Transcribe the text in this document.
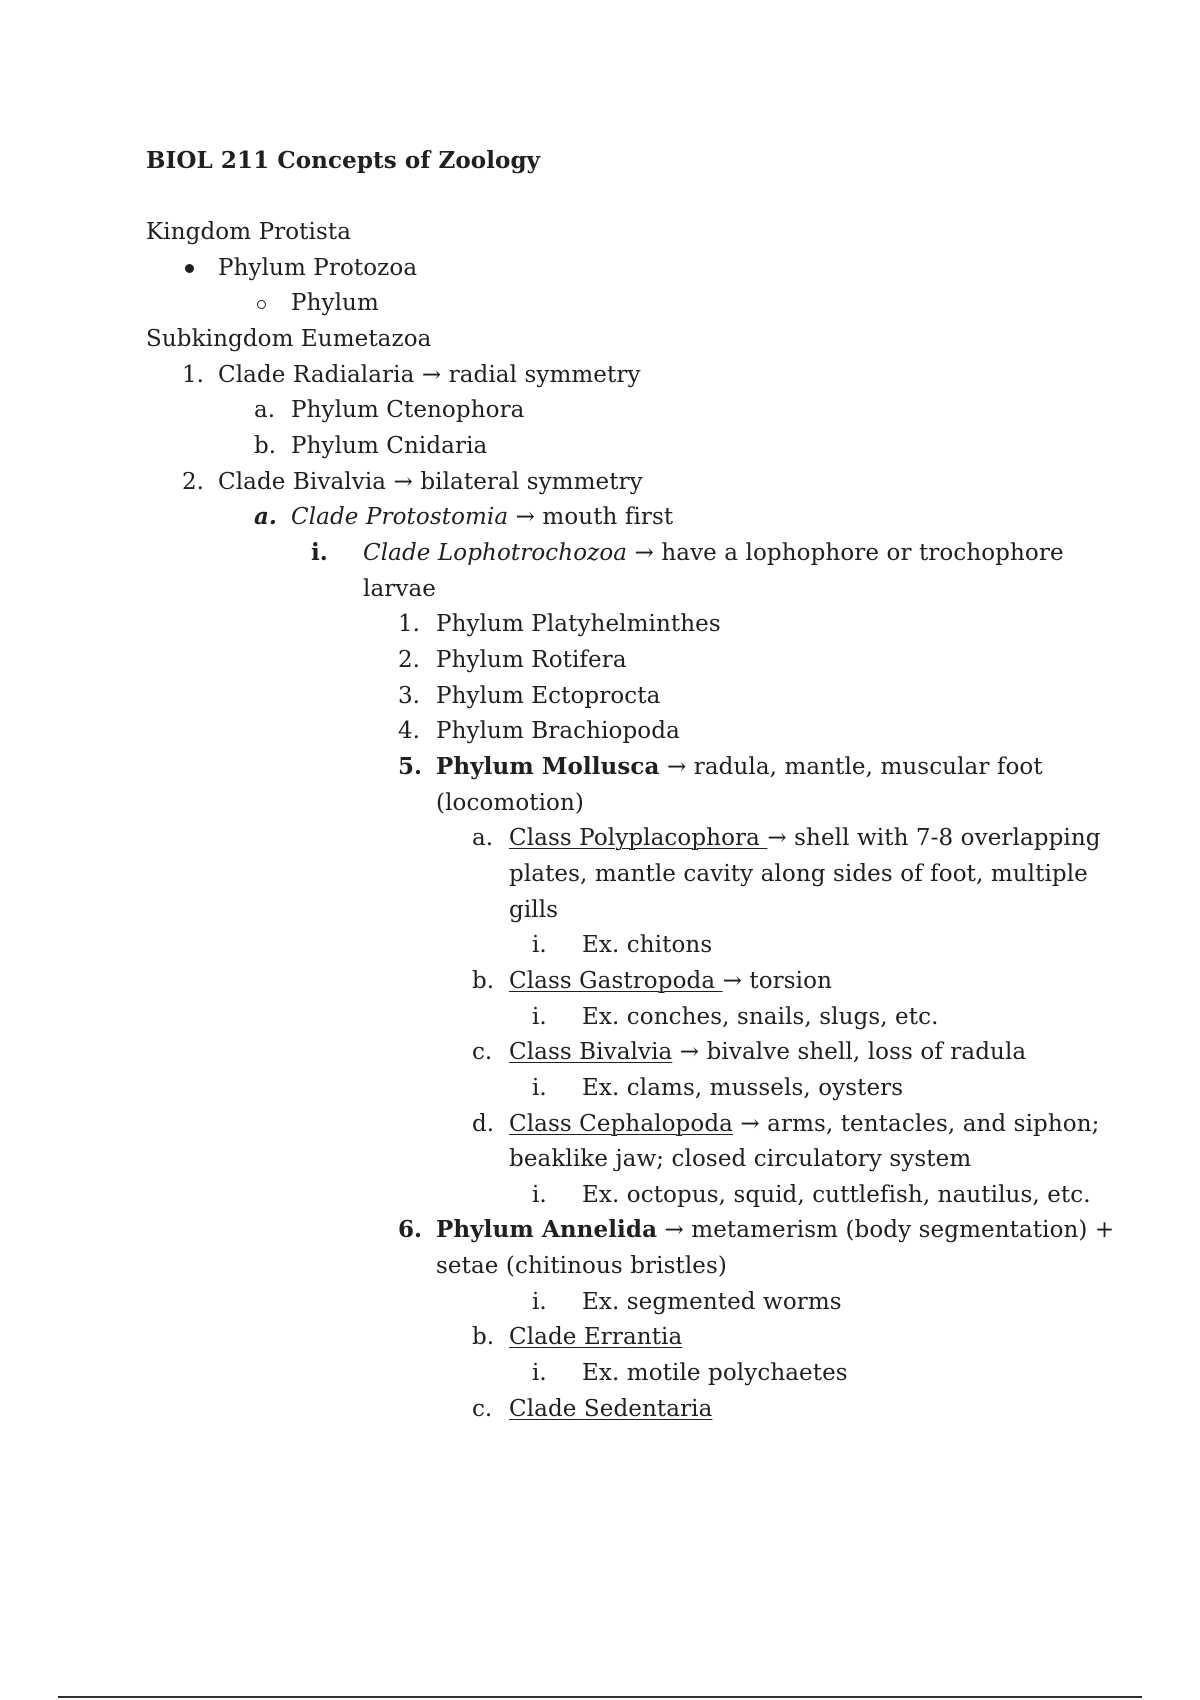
BIOL 211 Concepts of Zoology
Kingdom Protista
Phylum Protozoa
Phylum
Subkingdom Eumetazoa
1. Clade Radialaria → radial symmetry
a. Phylum Ctenophora
b. Phylum Cnidaria
2. Clade Bivalvia → bilateral symmetry
a. Clade Protostomia → mouth first
i. Clade Lophotrochozoa → have a lophophore or trochophore
larvae
1. Phylum Platyhelminthes
2. Phylum Rotifera
3. Phylum Ectoprocta
4. Phylum Brachiopoda
5. Phylum Mollusca → radula, mantle, muscular foot
(locomotion)
a. Class Polyplacophora → shell with 7-8 overlapping
plates, mantle cavity along sides of foot, multiple
gills
i. Ex. chitons
b. Class Gastropoda → torsion
i. Ex. conches, snails, slugs, etc.
c. Class Bivalvia → bivalve shell, loss of radula
i. Ex. clams, mussels, oysters
d. Class Cephalopoda → arms, tentacles, and siphon;
beaklike jaw; closed circulatory system
i. Ex. octopus, squid, cuttlefish, nautilus, etc.
6. Phylum Annelida → metamerism (body segmentation) +
setae (chitinous bristles)
i. Ex. segmented worms
b. Clade Errantia
i. Ex. motile polychaetes
c. Clade Sedentaria
